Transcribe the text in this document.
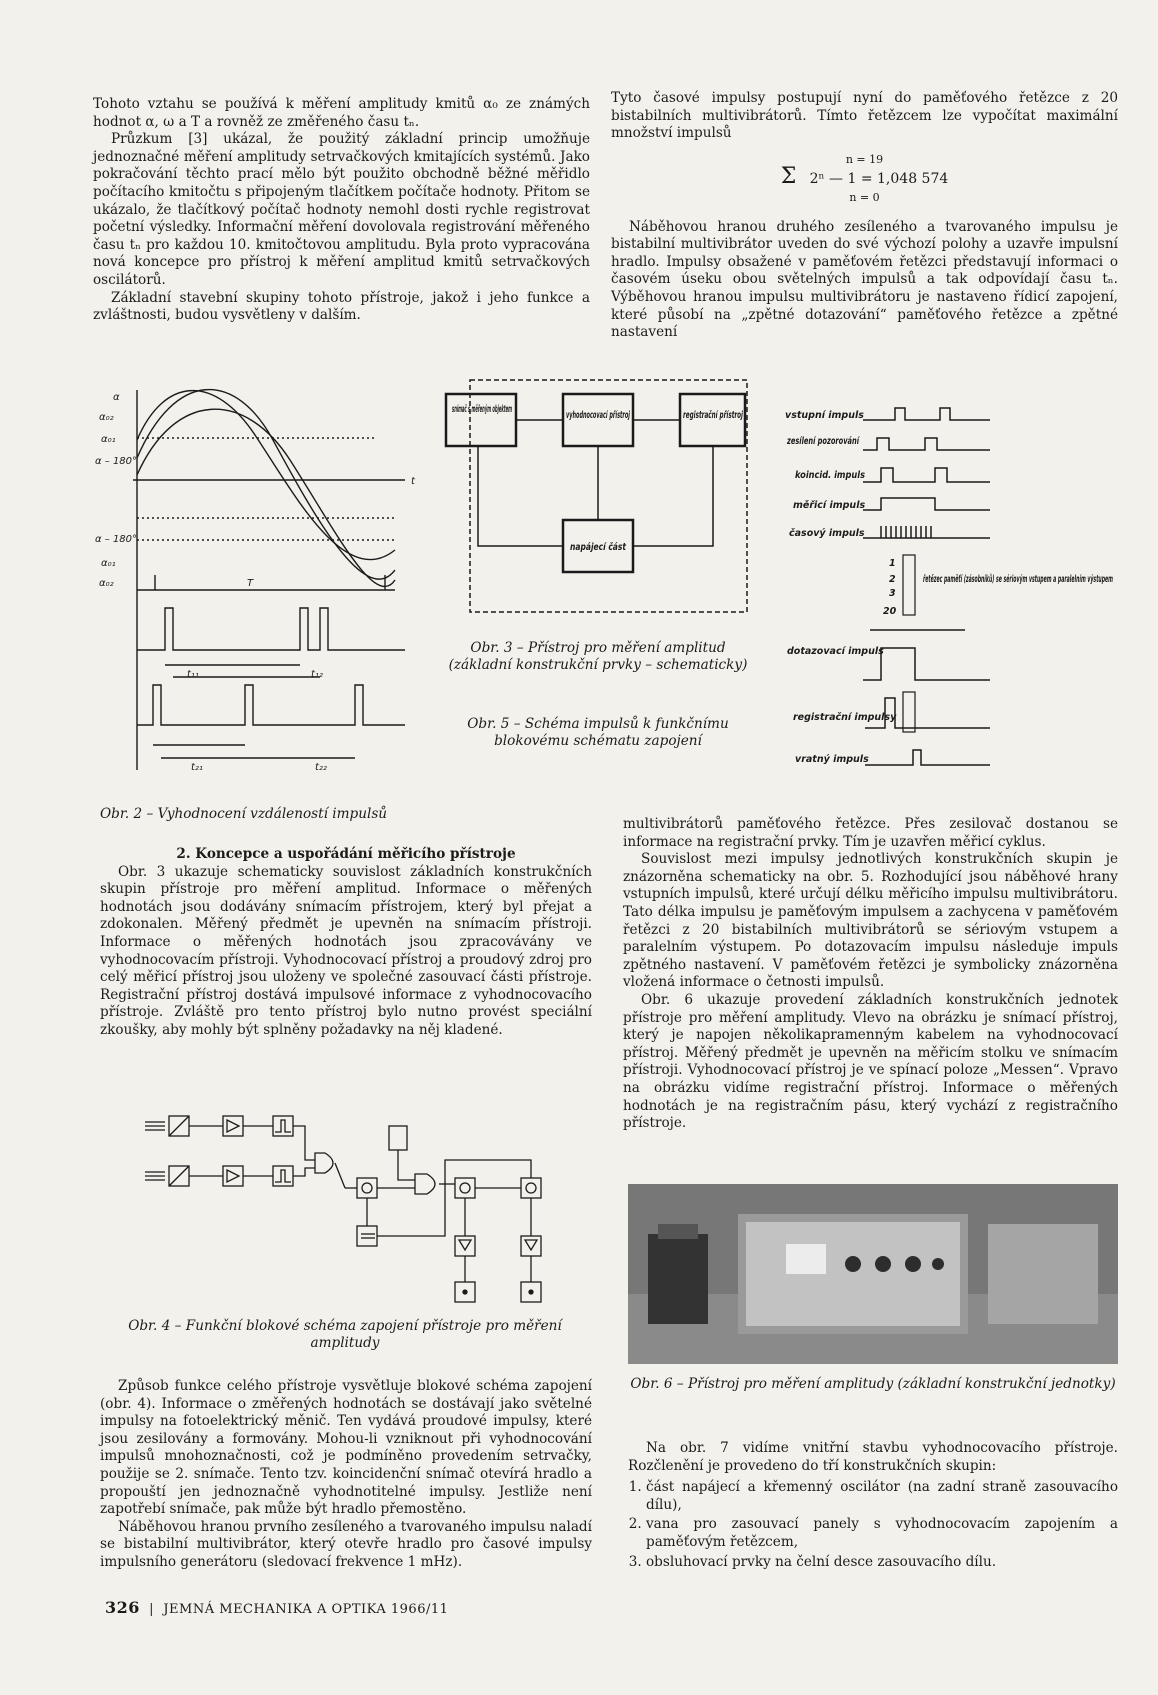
Tohoto vztahu se používá k měření amplitudy kmitů α₀ ze známých hodnot α, ω a T a rovněž ze změřeného času tₙ.

Průzkum [3] ukázal, že použitý základní princip umožňuje jednoznačné měření amplitudy setrvačkových kmitajících systémů. Jako pokračování těchto prací mělo být použito obchodně běžné měřidlo počítacího kmitočtu s připojeným tlačítkem počítače hodnoty. Přitom se ukázalo, že tlačítkový počítač hodnoty nemohl dosti rychle registrovat početní výsledky. Informační měření dovolovala registrování měřeného času tₙ pro každou 10. kmitočtovou amplitudu. Byla proto vypracována nová koncepce pro přístroj k měření amplitud kmitů setrvačkových oscilátorů.

Základní stavební skupiny tohoto přístroje, jakož i jeho funkce a zvláštnosti, budou vysvětleny v dalším.

Tyto časové impulsy postupují nyní do paměťového řetězce z 20 bistabilních multivibrátorů. Tímto řetězcem lze vypočítat maximální množství impulsů

n = 19
Σ 2ⁿ — 1 = 1,048 574
n = 0

Náběhovou hranou druhého zesíleného a tvarovaného impulsu je bistabilní multivibrátor uveden do své výchozí polohy a uzavře impulsní hradlo. Impulsy obsažené v paměťovém řetězci představují informaci o časovém úseku obou světelných impulsů a tak odpovídají času tₙ. Výběhovou hranou impulsu multivibrátoru je nastaveno řídicí zapojení, které působí na „zpětné dotazování“ paměťového řetězce a zpětné nastavení

α
α₀₂
α₀₁
α – 180°
α – 180°
α₀₁
α₀₂
t
T
t₁₁	t₁₂
t₂₁	t₂₂
Obr. 2 – Vyhodnocení vzdáleností impulsů
snímač s měřeným objektem
vyhodnocovací přístroj	registrační přístroj
napájecí část
Obr. 3 – Přístroj pro měření amplitud (základní konstrukční prvky – schematicky)
Obr. 5 – Schéma impulsů k funkčnímu blokovému schématu zapojení
vstupní impuls
zesílení pozorování
koincid. impuls
měřicí impuls
časový impuls
řetězec paměťí (zásobníků) se sériovým vstupem a paralelním výstupem
1
2
3
20
dotazovací impuls
registrační impulsy
vratný impuls

2. Koncepce a uspořádání měřicího přístroje

Obr. 3 ukazuje schematicky souvislost základních konstrukčních skupin přístroje pro měření amplitud. Informace o měřených hodnotách jsou dodávány snímacím přístrojem, který byl přejat a zdokonalen. Měřený předmět je upevněn na snímacím přístroji. Informace o měřených hodnotách jsou zpracovávány ve vyhodnocovacím přístroji. Vyhodnocovací přístroj a proudový zdroj pro celý měřicí přístroj jsou uloženy ve společné zasouvací části přístroje. Registrační přístroj dostává impulsové informace z vyhodnocovacího přístroje. Zvláště pro tento přístroj bylo nutno provést speciální zkoušky, aby mohly být splněny požadavky na něj kladené.

Obr. 4 – Funkční blokové schéma zapojení přístroje pro měření amplitudy

Způsob funkce celého přístroje vysvětluje blokové schéma zapojení (obr. 4). Informace o změřených hodnotách se dostávají jako světelné impulsy na fotoelektrický měnič. Ten vydává proudové impulsy, které jsou zesilovány a formovány. Mohou-li vzniknout při vyhodnocování impulsů mnohoznačnosti, což je podmíněno provedením setrvačky, použije se 2. snímače. Tento tzv. koincidenční snímač otevírá hradlo a propouští jen jednoznačně vyhodnotitelné impulsy. Jestliže není zapotřebí snímače, pak může být hradlo přemostěno.

Náběhovou hranou prvního zesíleného a tvarovaného impulsu naladí se bistabilní multivibrátor, který otevře hradlo pro časové impulsy impulsního generátoru (sledovací frekvence 1 mHz).

multivibrátorů paměťového řetězce. Přes zesilovač dostanou se informace na registrační prvky. Tím je uzavřen měřicí cyklus.

Souvislost mezi impulsy jednotlivých konstrukčních skupin je znázorněna schematicky na obr. 5. Rozhodující jsou náběhové hrany vstupních impulsů, které určují délku měřicího impulsu multivibrátoru. Tato délka impulsu je paměťovým impulsem a zachycena v paměťovém řetězci z 20 bistabilních multivibrátorů se sériovým vstupem a paralelním výstupem. Po dotazovacím impulsu následuje impuls zpětného nastavení. V paměťovém řetězci je symbolicky znázorněna vložená informace o četnosti impulsů.

Obr. 6 ukazuje provedení základních konstrukčních jednotek přístroje pro měření amplitudy. Vlevo na obrázku je snímací přístroj, který je napojen několikapramenným kabelem na vyhodnocovací přístroj. Měřený předmět je upevněn na měřicím stolku ve snímacím přístroji. Vyhodnocovací přístroj je ve spínací poloze „Messen“. Vpravo na obrázku vidíme registrační přístroj. Informace o měřených hodnotách je na registračním pásu, který vychází z registračního přístroje.

Obr. 6 – Přístroj pro měření amplitudy (základní konstrukční jednotky)

Na obr. 7 vidíme vnitřní stavbu vyhodnocovacího přístroje. Rozčlenění je provedeno do tří konstrukčních skupin:

1. část napájecí a křemenný oscilátor (na zadní straně zasouvacího dílu),
2. vana pro zasouvací panely s vyhodnocovacím zapojením a paměťovým řetězcem,
3. obsluhovací prvky na čelní desce zasouvacího dílu.
326  |  JEMNÁ MECHANIKA A OPTIKA 1966/11
